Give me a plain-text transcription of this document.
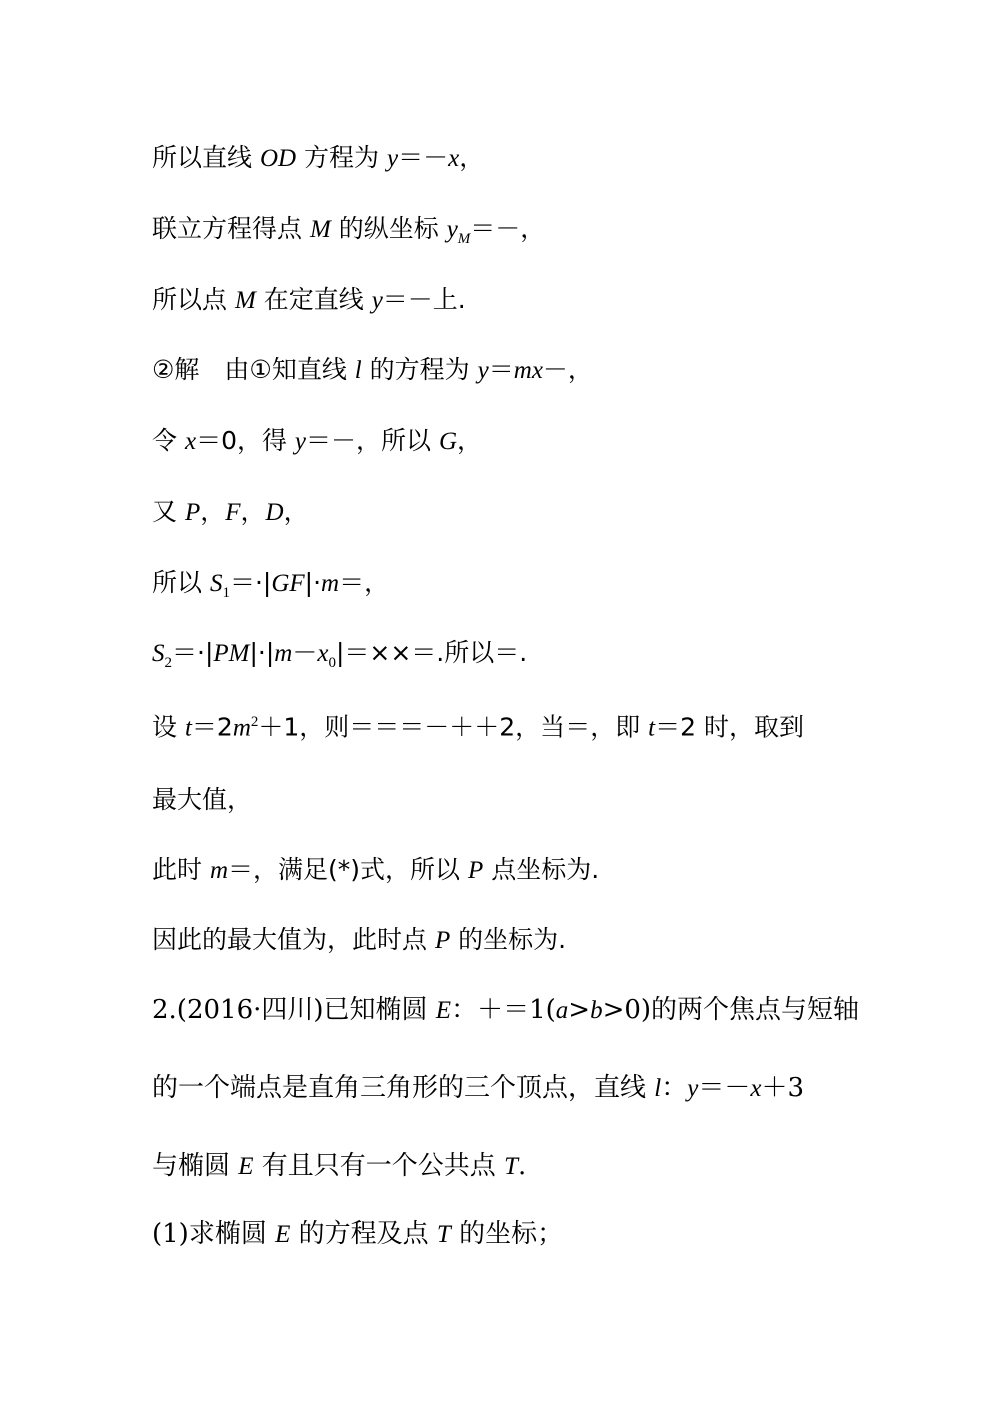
所以直线 OD 方程为 y＝－x，
联立方程得点 M 的纵坐标 $y_M=-$，
所以点 M 在定直线 y＝－上.
②解　由①知直线 l 的方程为 y＝mx－，
令 x＝0，得 y＝－，所以 G，
又 P，F，D，
所以 $S_1=\cdot|GF|\cdot m=$，
$S_2=\cdot|PM|\cdot|m-x_0|=\times\times=$.所以＝.
设 $t=2m^2+1$，则＝＝＝－＋＋2，当＝，即 t＝2 时，取到
最大值，
此时 m＝，满足(*)式，所以 P 点坐标为.
因此的最大值为，此时点 P 的坐标为.
2.(2016·四川)已知椭圆 E：＋＝1(a>b>0)的两个焦点与短轴
的一个端点是直角三角形的三个顶点，直线 l：y＝－x＋3
与椭圆 E 有且只有一个公共点 T.
(1)求椭圆 E 的方程及点 T 的坐标；
